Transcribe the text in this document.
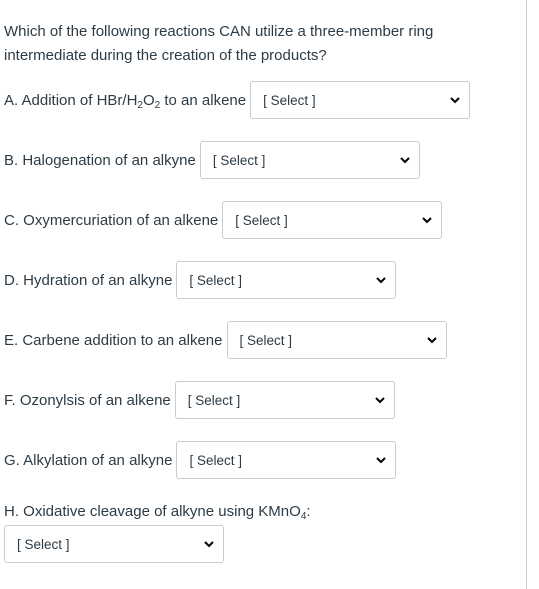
Which of the following reactions CAN utilize a three-member ring intermediate during the creation of the products?
A. Addition of HBr/$H_2O_2$ to an alkene [ Select ]
B. Halogenation of an alkyne [ Select ]
C. Oxymercuriation of an alkene [ Select ]
D. Hydration of an alkyne [ Select ]
E. Carbene addition to an alkene [ Select ]
F. Ozonylsis of an alkene [ Select ]
G. Alkylation of an alkyne [ Select ]
H. Oxidative cleavage of alkyne using KMnO$_4$:
[ Select ]
